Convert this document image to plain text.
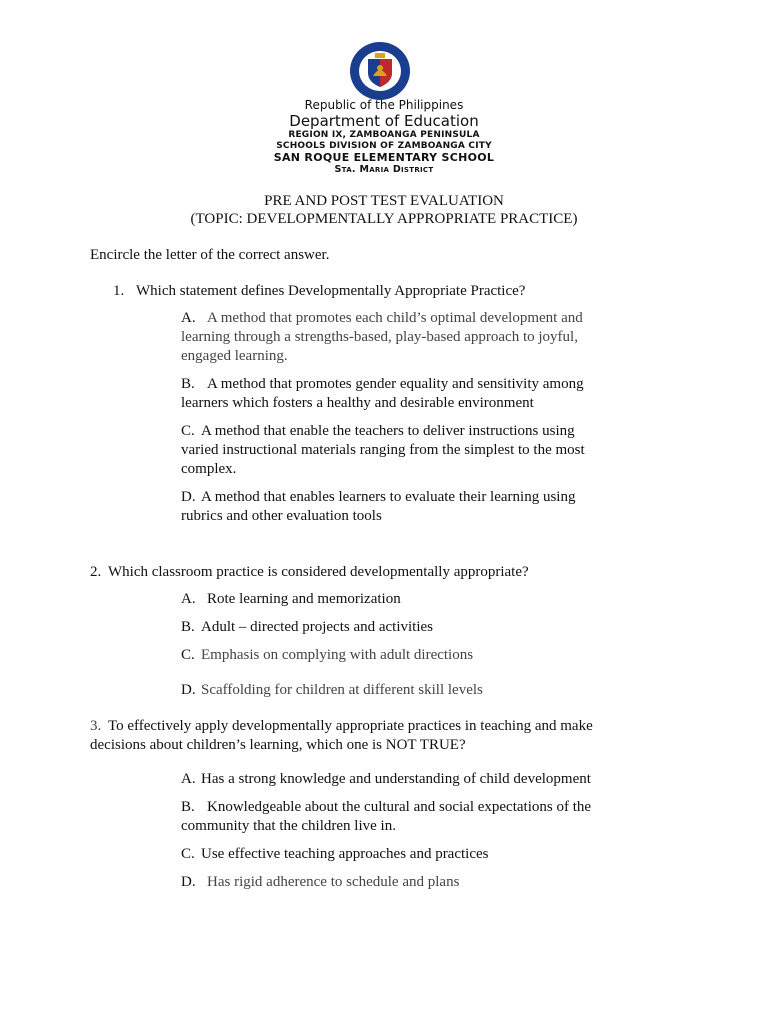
Republic of the Philippines
Department of Education
REGION IX, ZAMBOANGA PENINSULA
SCHOOLS DIVISION OF ZAMBOANGA CITY
SAN ROQUE ELEMENTARY SCHOOL
Sta. Maria District
PRE AND POST TEST EVALUATION
(TOPIC: DEVELOPMENTALLY APPROPRIATE PRACTICE)
Encircle the letter of the correct answer.
1. Which statement defines Developmentally Appropriate Practice?
A. A method that promotes each child’s optimal development and
learning through a strengths-based, play-based approach to joyful,
engaged learning.
B. A method that promotes gender equality and sensitivity among
learners which fosters a healthy and desirable environment
C. A method that enable the teachers to deliver instructions using
varied instructional materials ranging from the simplest to the most
complex.
D. A method that enables learners to evaluate their learning using
rubrics and other evaluation tools
2. Which classroom practice is considered developmentally appropriate?
A. Rote learning and memorization
B. Adult – directed projects and activities
C. Emphasis on complying with adult directions
D. Scaffolding for children at different skill levels
3. To effectively apply developmentally appropriate practices in teaching and make
decisions about children’s learning, which one is NOT TRUE?
A. Has a strong knowledge and understanding of child development
B. Knowledgeable about the cultural and social expectations of the
community that the children live in.
C. Use effective teaching approaches and practices
D. Has rigid adherence to schedule and plans
